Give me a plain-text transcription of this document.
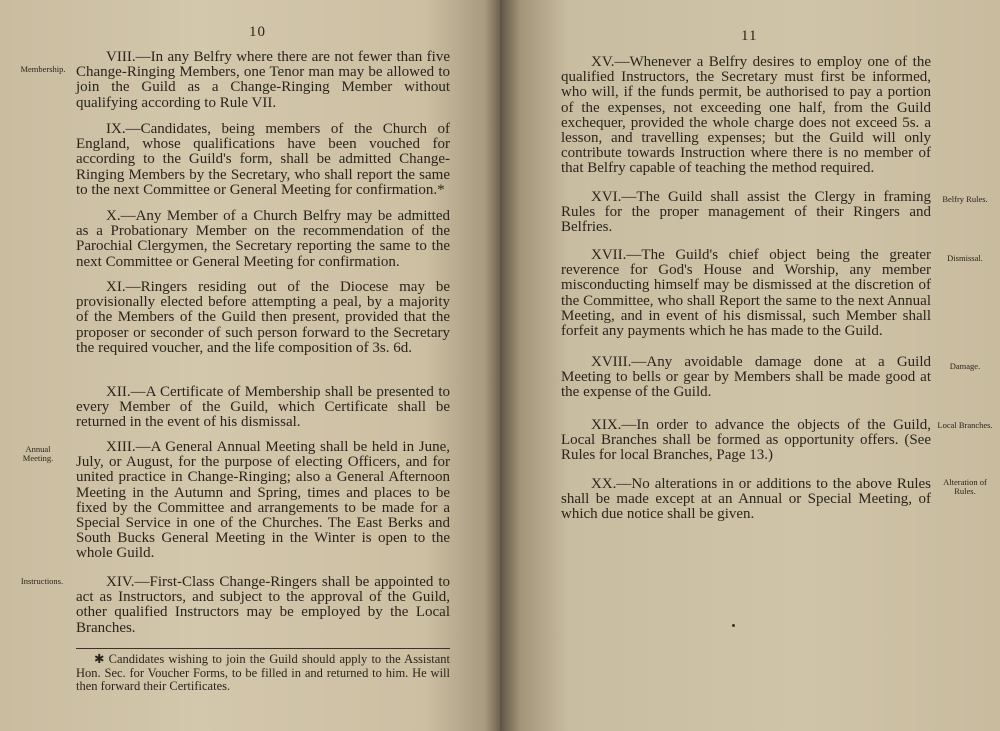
10
Membership.

VIII.—In any Belfry where there are not fewer than five Change-Ringing Members, one Tenor man may be allowed to join the Guild as a Change-Ringing Member without qualifying according to Rule VII.

IX.—Candidates, being members of the Church of England, whose qualifications have been vouched for according to the Guild's form, shall be admitted Change-Ringing Members by the Secretary, who shall report the same to the next Committee or General Meeting for confirmation.*

X.—Any Member of a Church Belfry may be admitted as a Probationary Member on the recommendation of the Parochial Clergymen, the Secretary reporting the same to the next Committee or General Meeting for confirmation.

XI.—Ringers residing out of the Diocese may be provisionally elected before attempting a peal, by a majority of the Members of the Guild then present, provided that the proposer or seconder of such person forward to the Secretary the required voucher, and the life composition of 3s. 6d.

XII.—A Certificate of Membership shall be presented to every Member of the Guild, which Certificate shall be returned in the event of his dismissal.

Annual Meeting.

XIII.—A General Annual Meeting shall be held in June, July, or August, for the purpose of electing Officers, and for united practice in Change-Ringing; also a General Afternoon Meeting in the Autumn and Spring, times and places to be fixed by the Committee and arrangements to be made for a Special Service in one of the Churches. The East Berks and South Bucks General Meeting in the Winter is open to the whole Guild.

Instructions.	XIV.—First-Class Change-Ringers shall be appointed to act as Instructors, and subject to the approval of the Guild, other qualified Instructors may be employed by the Local Branches.

✱ Candidates wishing to join the Guild should apply to the Assistant Hon. Sec. for Voucher Forms, to be filled in and returned to him. He will then forward their Certificates.

11

XV.—Whenever a Belfry desires to employ one of the qualified Instructors, the Secretary must first be informed, who will, if the funds permit, be authorised to pay a portion of the expenses, not exceeding one half, from the Guild exchequer, provided the whole charge does not exceed 5s. a lesson, and travelling expenses; but the Guild will only contribute towards Instruction where there is no member of that Belfry capable of teaching the method required.

Belfry Rules.

XVI.—The Guild shall assist the Clergy in framing Rules for the proper management of their Ringers and Belfries.

Dismissal.

XVII.—The Guild's chief object being the greater reverence for God's House and Worship, any member misconducting himself may be dismissed at the discretion of the Committee, who shall Report the same to the next Annual Meeting, and in event of his dismissal, such Member shall forfeit any payments which he has made to the Guild.

Damage.

XVIII.—Any avoidable damage done at a Guild Meeting to bells or gear by Members shall be made good at the expense of the Guild.

Local Branches.

XIX.—In order to advance the objects of the Guild, Local Branches shall be formed as opportunity offers. (See Rules for local Branches, Page 13.)

Alteration of Rules.

XX.—No alterations in or additions to the above Rules shall be made except at an Annual or Special Meeting, of which due notice shall be given.
